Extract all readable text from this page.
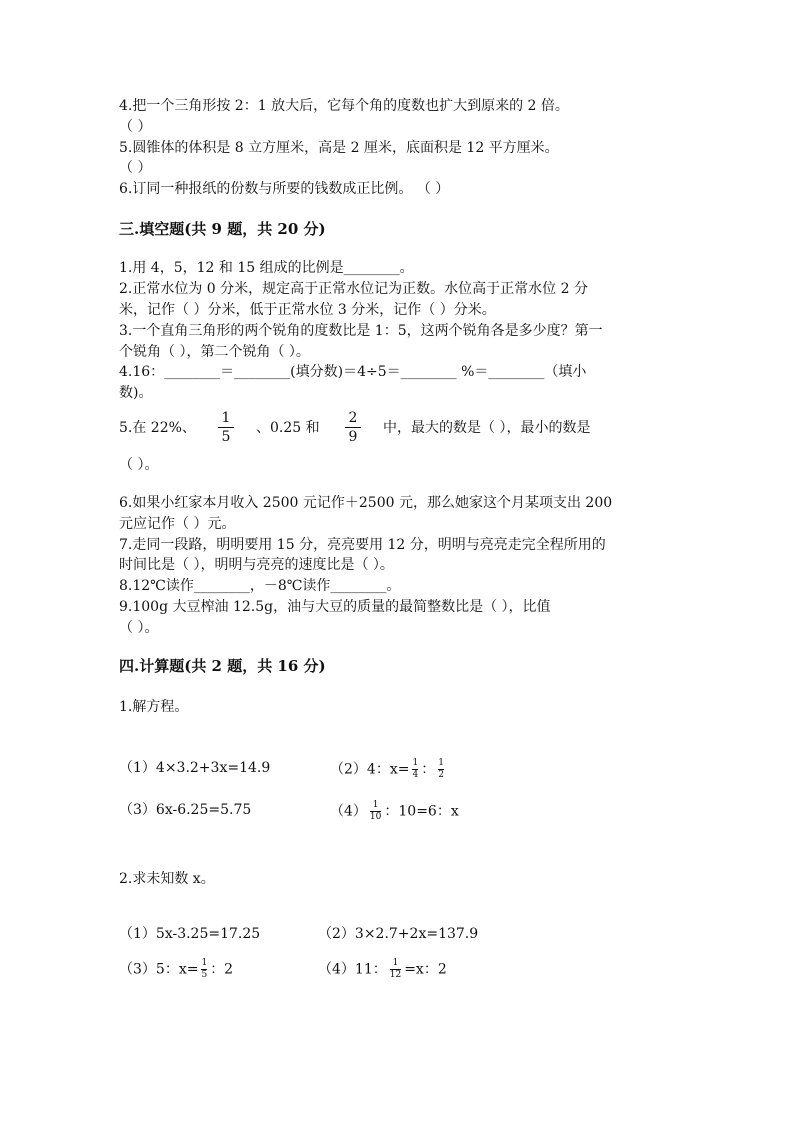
4.把一个三角形按 2：1 放大后，它每个角的度数也扩大到原来的 2 倍。
（ ）
5.圆锥体的体积是 8 立方厘米，高是 2 厘米，底面积是 12 平方厘米。
（ ）
6.订同一种报纸的份数与所要的钱数成正比例。 （ ）
三.填空题(共 9 题，共 20 分)
1.用 4，5，12 和 15 组成的比例是________。
2.正常水位为 0 分米，规定高于正常水位记为正数。水位高于正常水位 2 分
米，记作（ ）分米，低于正常水位 3 分米，记作（ ）分米。
3.一个直角三角形的两个锐角的度数比是 1：5，这两个锐角各是多少度？第一
个锐角（ ），第二个锐角（ ）。
4.16：________＝________(填分数)＝4÷5＝________ %＝________（填小
数)。
5.在 22%、
1
5
、0.25 和
2
9
中，最大的数是（ ），最小的数是
（ ）。
6.如果小红家本月收入 2500 元记作＋2500 元，那么她家这个月某项支出 200
元应记作（ ）元。
7.走同一段路，明明要用 15 分，亮亮要用 12 分，明明与亮亮走完全程所用的
时间比是（ ），明明与亮亮的速度比是（ ）。
8.12℃读作________，－8℃读作________。
9.100g 大豆榨油 12.5g，油与大豆的质量的最简整数比是（ ），比值
（ ）。
四.计算题(共 2 题，共 16 分)
1.解方程。
（1）4×3.2+3x=14.9	（2）4：$x= \frac{1}{4}$ ： $\frac{1}{2}$
（3）6x-6.25=5.75	$(4) \frac{1}{10}$ ：10=6：x
2.求未知数 x。
（1）5x-3.25=17.25	（2）3×2.7+2x=137.9
（3）5：$x= \frac{1}{5}$ ：2	（4）11： $\frac{1}{12} =x$：2
